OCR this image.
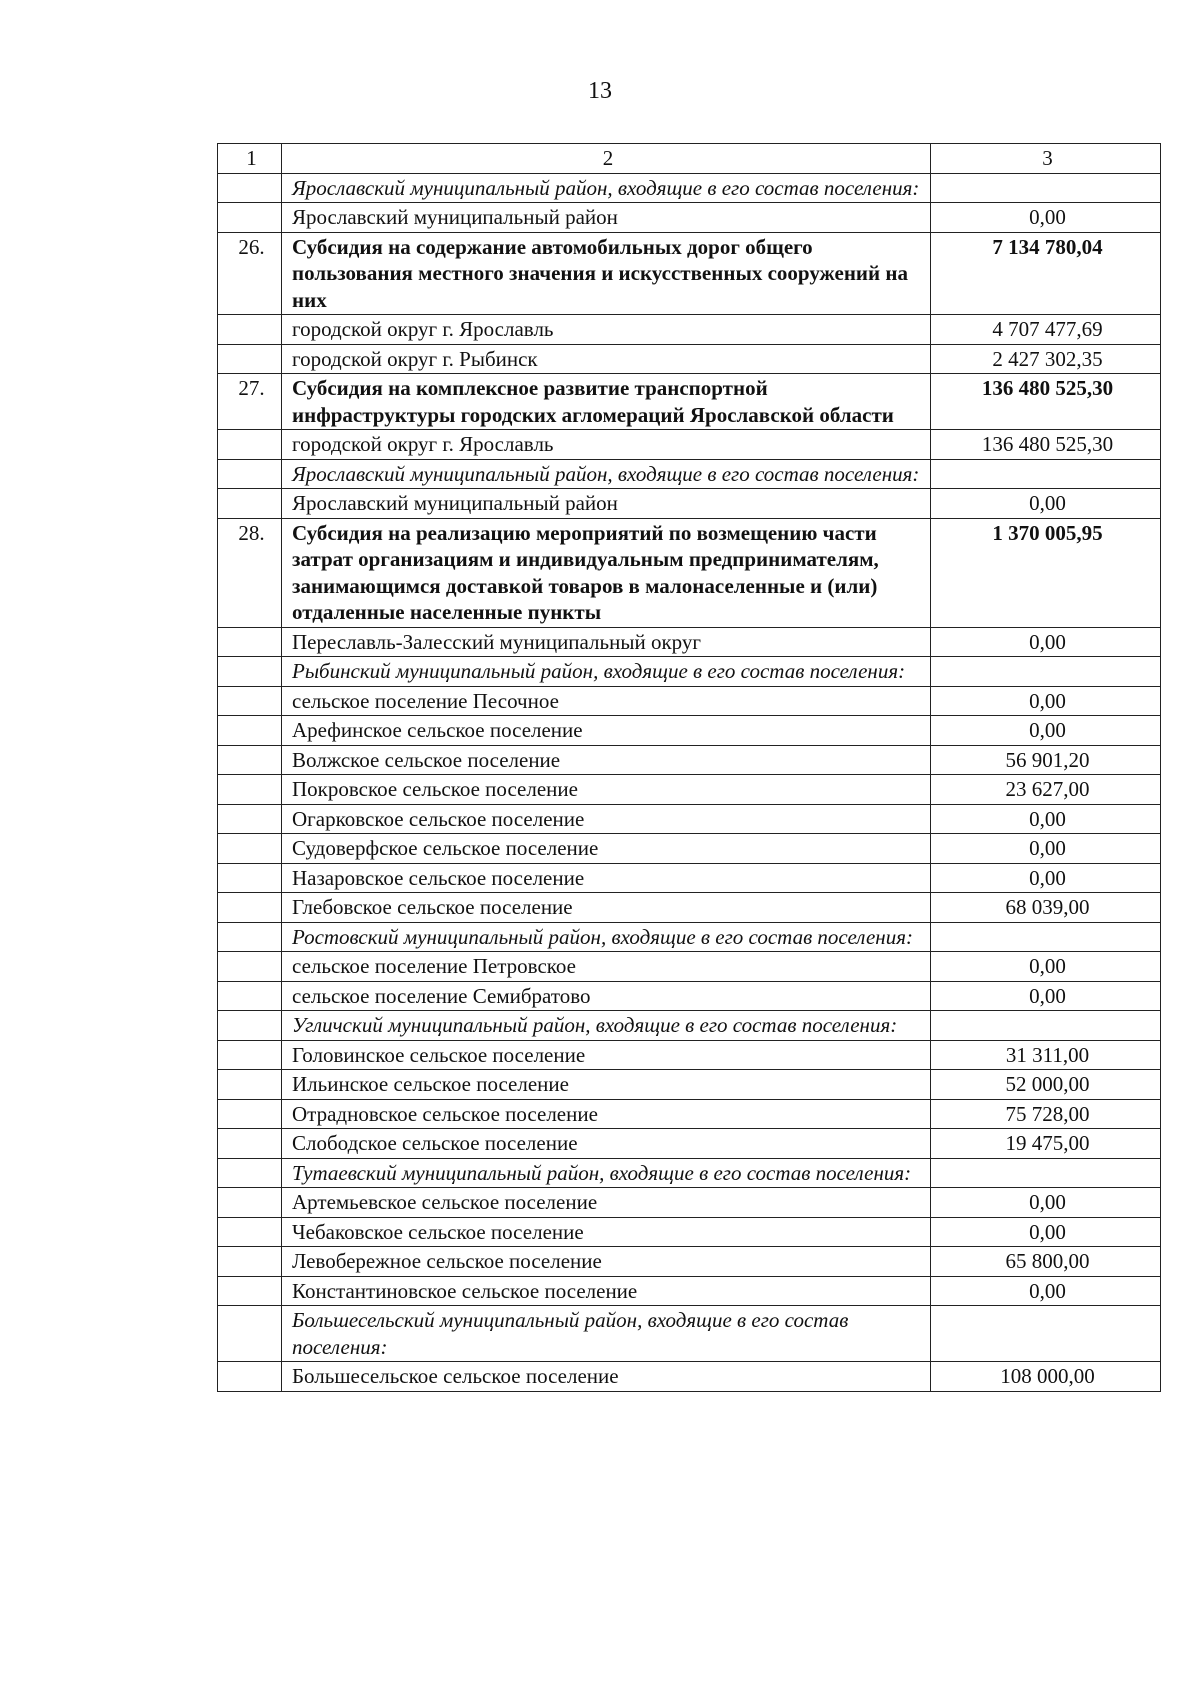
13
1	2	3
	Ярославский муниципальный район, входящие в его состав поселения:	
	Ярославский муниципальный район	0,00
26.	Субсидия на содержание автомобильных дорог общего пользования местного значения и искусственных сооружений на них	7 134 780,04
	городской округ г. Ярославль	4 707 477,69
	городской округ г. Рыбинск	2 427 302,35
27.	Субсидия на комплексное развитие транспортной инфраструктуры городских агломераций Ярославской области	136 480 525,30
	городской округ г. Ярославль	136 480 525,30
	Ярославский муниципальный район, входящие в его состав поселения:	
	Ярославский муниципальный район	0,00
28.	Субсидия на реализацию мероприятий по возмещению части затрат организациям и индивидуальным предпринимателям, занимающимся доставкой товаров в малонаселенные и (или) отдаленные населенные пункты	1 370 005,95
	Переславль-Залесский муниципальный округ	0,00
	Рыбинский муниципальный район, входящие в его состав поселения:	
	сельское поселение Песочное	0,00
	Арефинское сельское поселение	0,00
	Волжское сельское поселение	56 901,20
	Покровское сельское поселение	23 627,00
	Огарковское сельское поселение	0,00
	Судоверфское сельское поселение	0,00
	Назаровское сельское поселение	0,00
	Глебовское сельское поселение	68 039,00
	Ростовский муниципальный район, входящие в его состав поселения:	
	сельское поселение Петровское	0,00
	сельское поселение Семибратово	0,00
	Угличский муниципальный район, входящие в его состав поселения:	
	Головинское сельское поселение	31 311,00
	Ильинское сельское поселение	52 000,00
	Отрадновское сельское поселение	75 728,00
	Слободское сельское поселение	19 475,00
	Тутаевский муниципальный район, входящие в его состав поселения:	
	Артемьевское сельское поселение	0,00
	Чебаковское сельское поселение	0,00
	Левобережное сельское поселение	65 800,00
	Константиновское сельское поселение	0,00
	Большесельский муниципальный район, входящие в его состав поселения:	
	Большесельское сельское поселение	108 000,00
